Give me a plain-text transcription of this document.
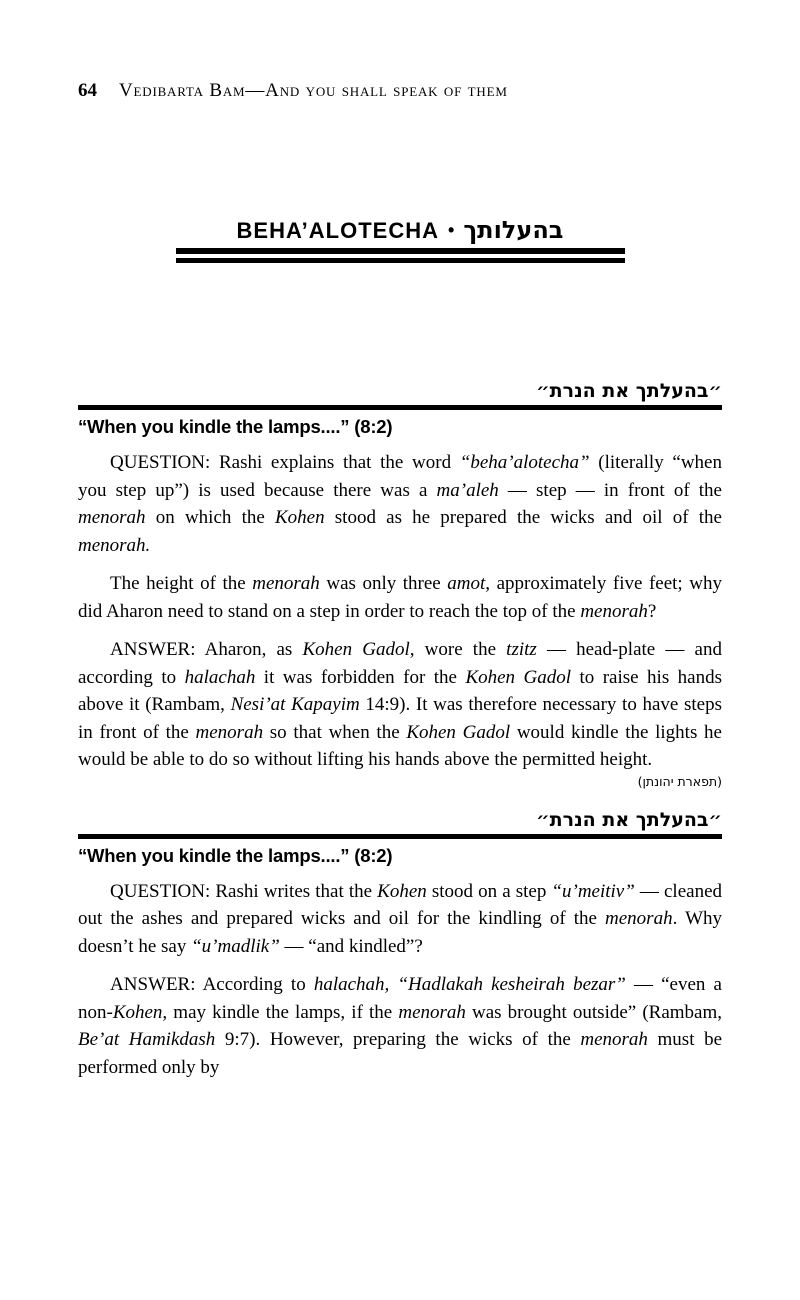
64 Vedibarta Bam—And you shall speak of them
BEHA’ALOTECHA • בהעלותך
״בהעלתך את הנרת״
“When you kindle the lamps....” (8:2)

QUESTION: Rashi explains that the word “beha’alotecha” (literally “when you step up”) is used because there was a ma’aleh — step — in front of the menorah on which the Kohen stood as he prepared the wicks and oil of the menorah.

The height of the menorah was only three amot, approximately five feet; why did Aharon need to stand on a step in order to reach the top of the menorah?

ANSWER: Aharon, as Kohen Gadol, wore the tzitz — head-plate — and according to halachah it was forbidden for the Kohen Gadol to raise his hands above it (Rambam, Nesi’at Kapayim 14:9). It was therefore necessary to have steps in front of the menorah so that when the Kohen Gadol would kindle the lights he would be able to do so without lifting his hands above the permitted height.

(תפארת יהונתן)
״בהעלתך את הנרת״
“When you kindle the lamps....” (8:2)

QUESTION: Rashi writes that the Kohen stood on a step “u’meitiv” — cleaned out the ashes and prepared wicks and oil for the kindling of the menorah. Why doesn’t he say “u’madlik” — “and kindled”?

ANSWER: According to halachah, “Hadlakah kesheirah bezar” — “even a non-Kohen, may kindle the lamps, if the menorah was brought outside” (Rambam, Be’at Hamikdash 9:7). However, preparing the wicks of the menorah must be performed only by
